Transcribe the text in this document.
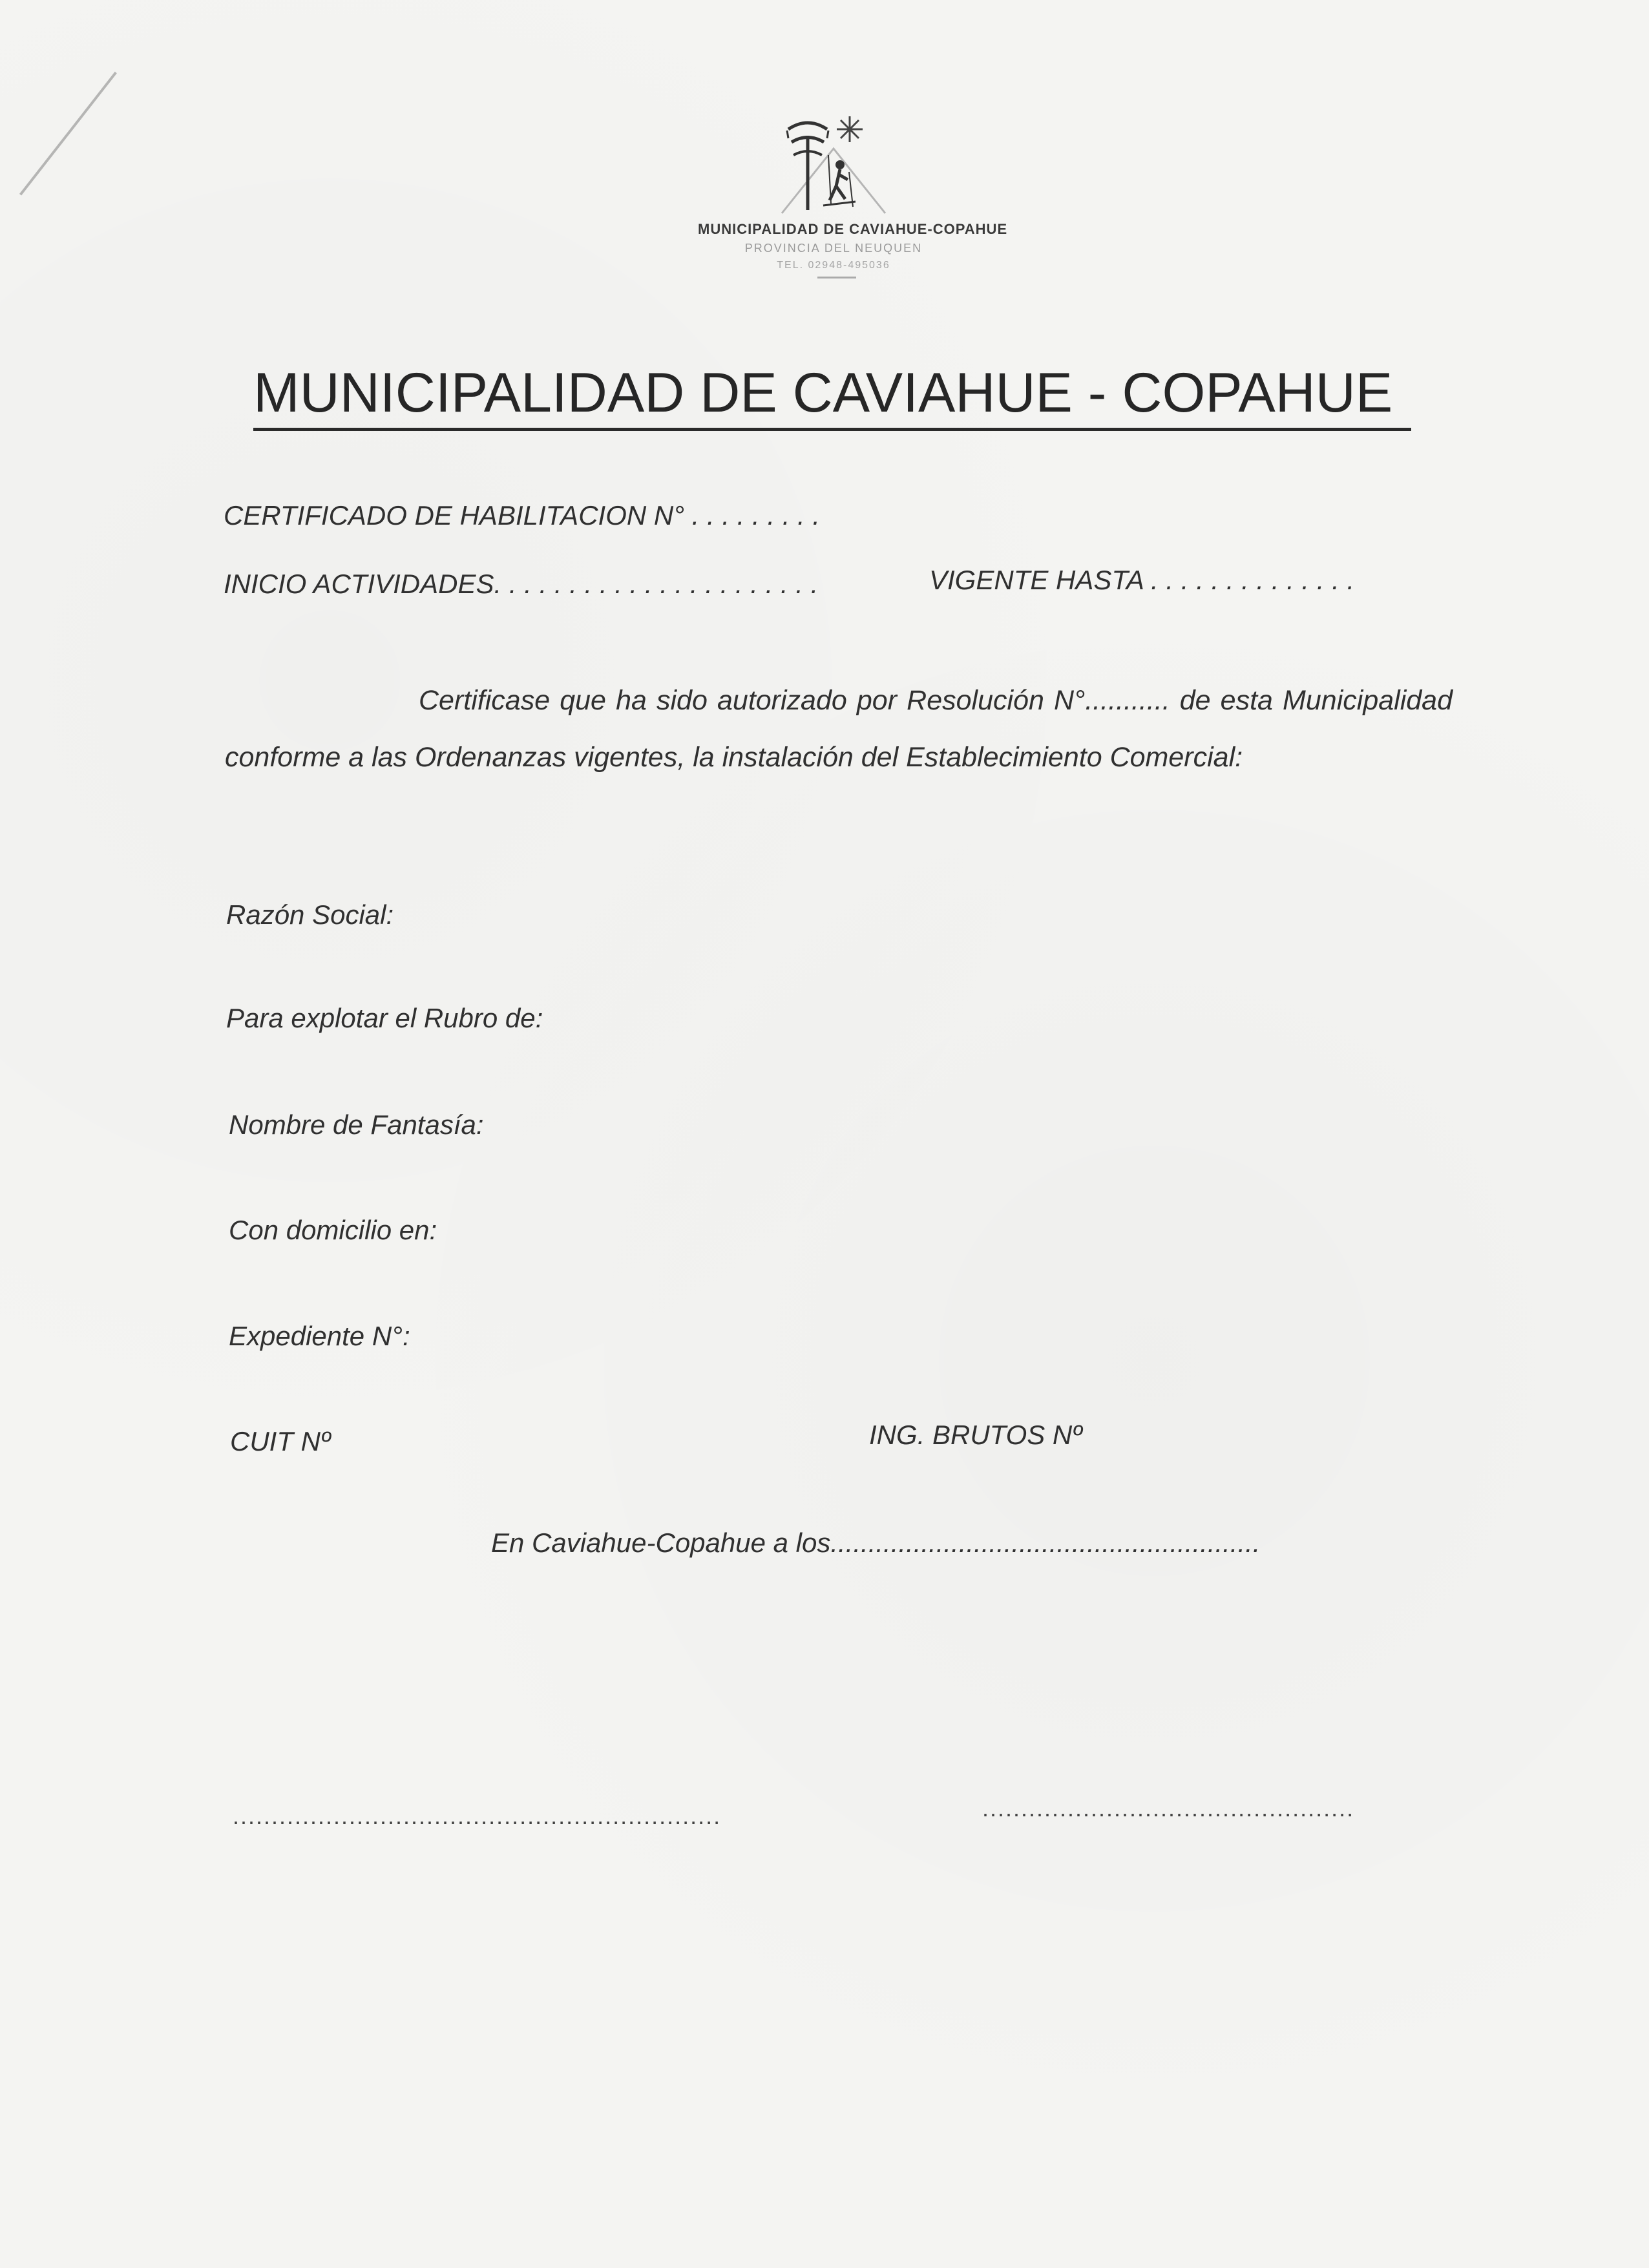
MUNICIPALIDAD DE CAVIAHUE-COPAHUE
PROVINCIA DEL NEUQUEN
TEL. 02948-495036
MUNICIPALIDAD DE CAVIAHUE - COPAHUE
CERTIFICADO DE HABILITACION N° . . . . . . . . .
INICIO ACTIVIDADES. . . . . . . . . . . . . . . . . . . . . .	VIGENTE HASTA . . . . . . . . . . . . . .
Certificase que ha sido autorizado por Resolución N°........... de esta Municipalidad conforme a las Ordenanzas vigentes, la instalación del Establecimiento Comercial:
Razón Social:
Para explotar el Rubro de:
Nombre de Fantasía:
Con domicilio en:
Expediente N°:
CUIT Nº	ING. BRUTOS Nº
En Caviahue-Copahue a los.........................................................
...............................................................	................................................
